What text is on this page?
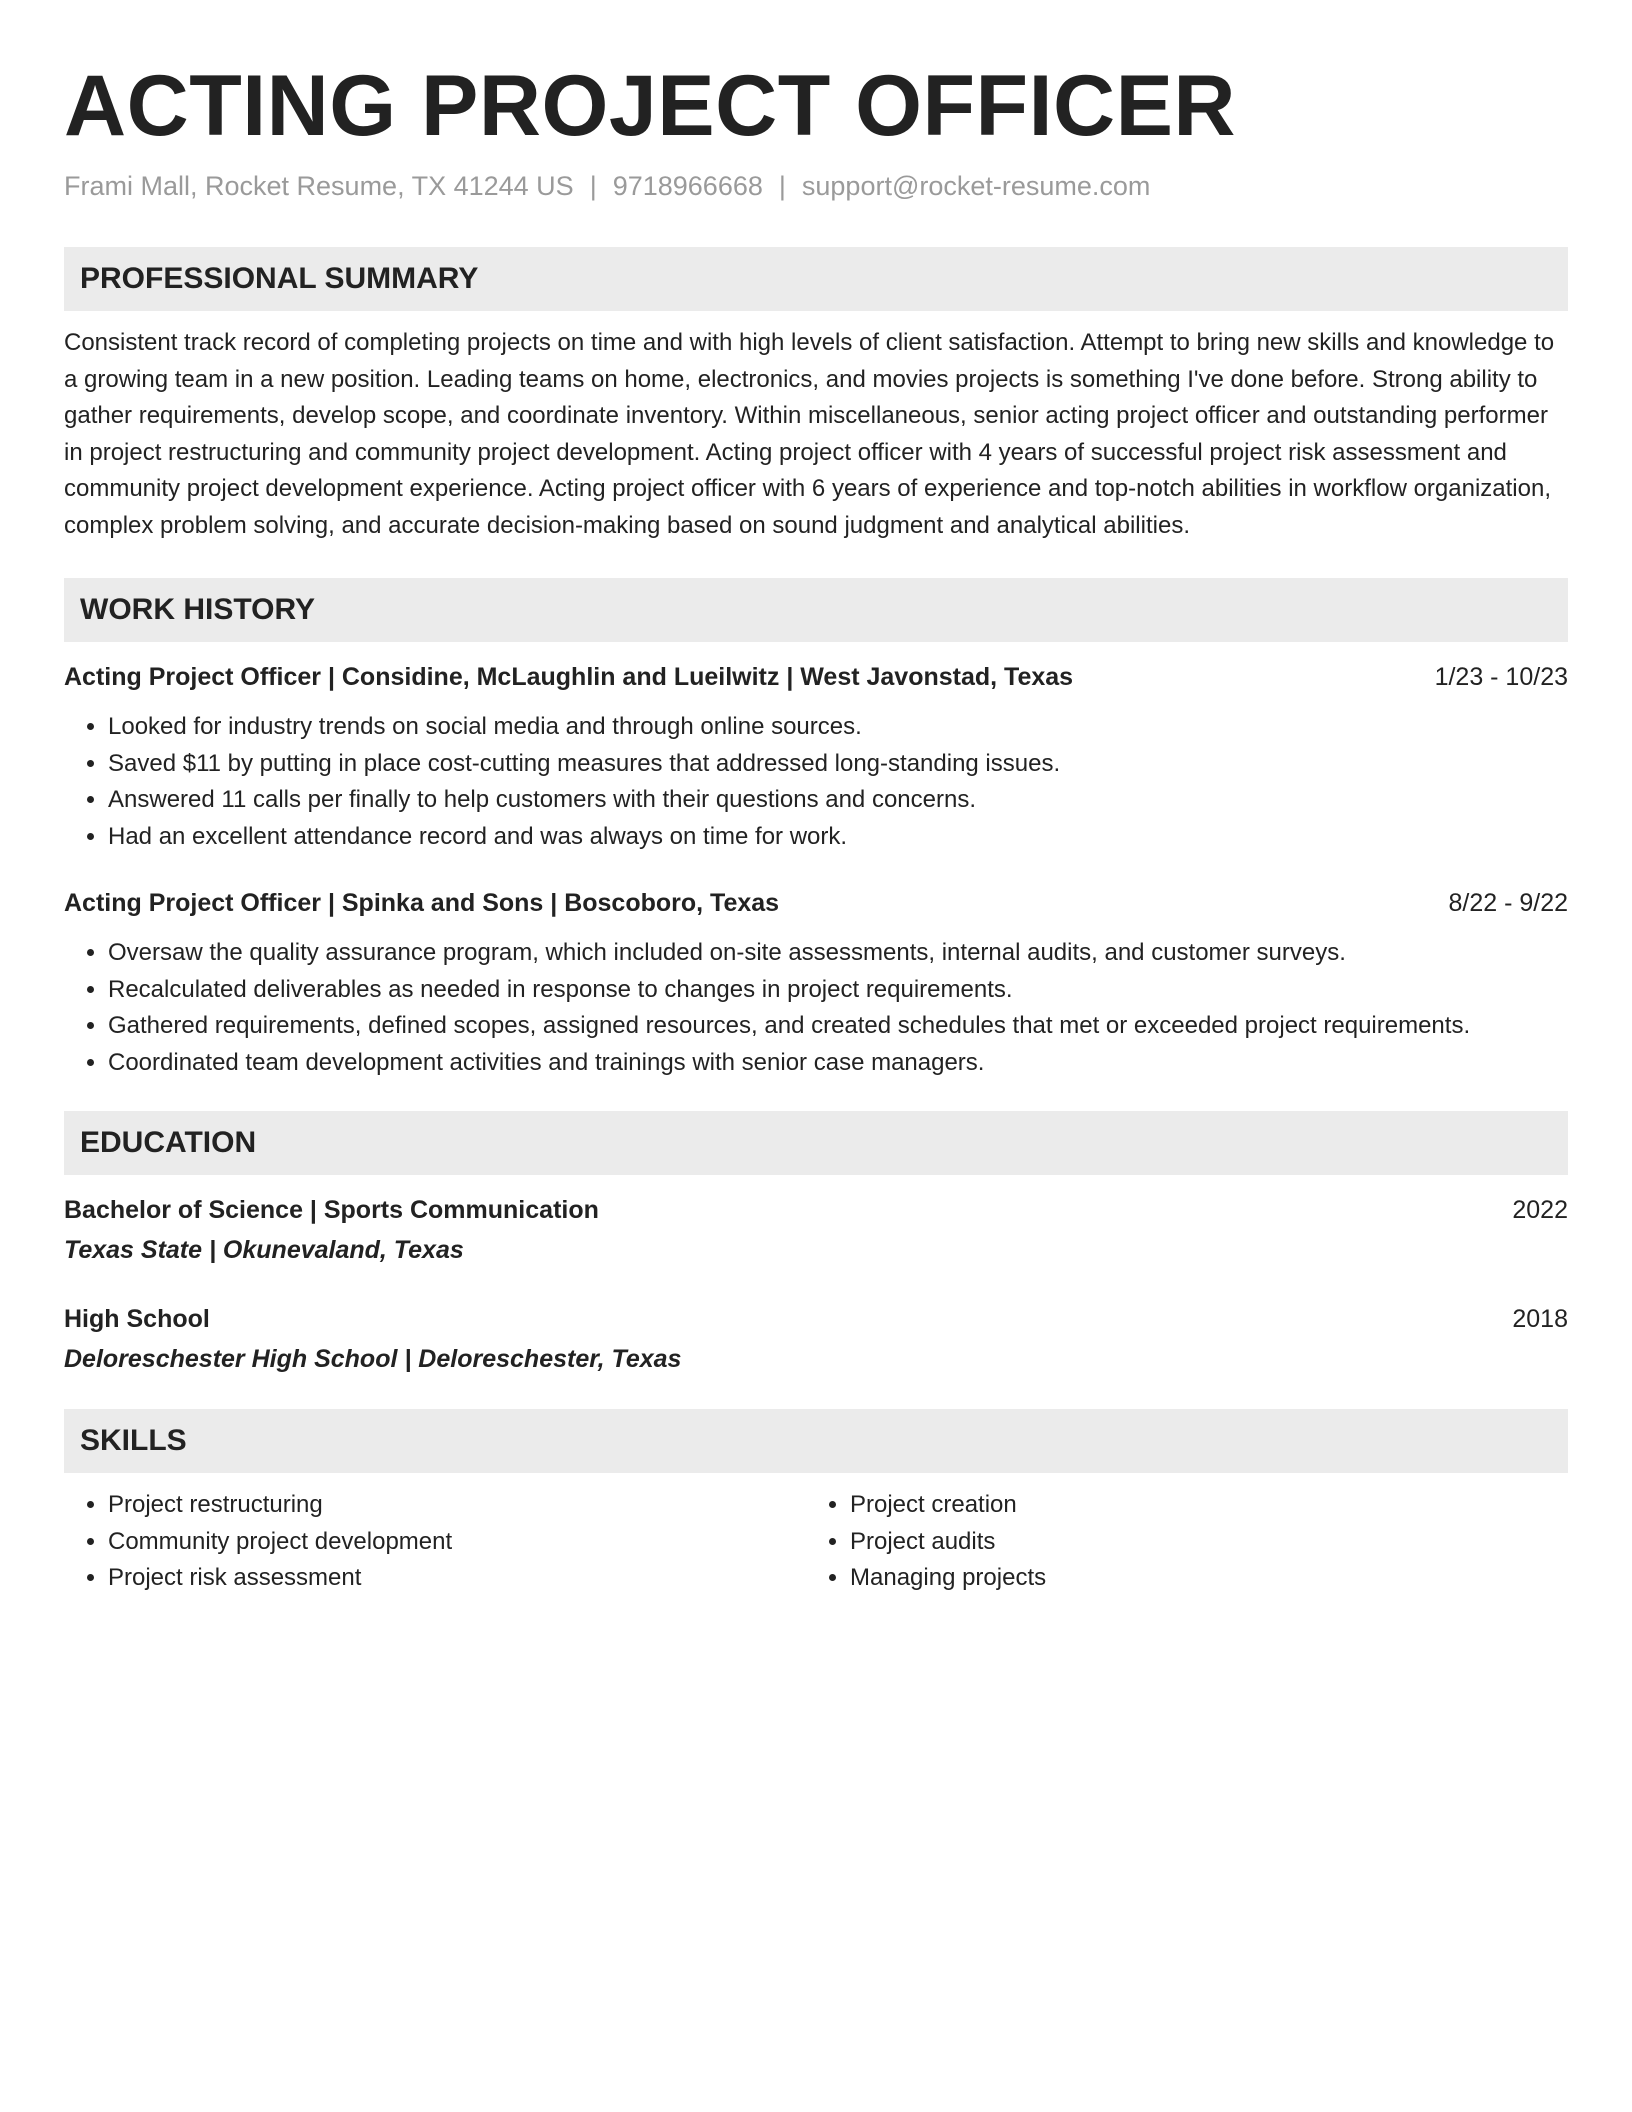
ACTING PROJECT OFFICER
Frami Mall, Rocket Resume, TX 41244 US | 9718966668 | support@rocket-resume.com
PROFESSIONAL SUMMARY

Consistent track record of completing projects on time and with high levels of client satisfaction. Attempt to bring new skills and knowledge to a growing team in a new position. Leading teams on home, electronics, and movies projects is something I've done before. Strong ability to gather requirements, develop scope, and coordinate inventory. Within miscellaneous, senior acting project officer and outstanding performer in project restructuring and community project development. Acting project officer with 4 years of successful project risk assessment and community project development experience. Acting project officer with 6 years of experience and top-notch abilities in workflow organization, complex problem solving, and accurate decision-making based on sound judgment and analytical abilities.

WORK HISTORY
Acting Project Officer | Considine, McLaughlin and Lueilwitz | West Javonstad, Texas	1/23 - 10/23
• Looked for industry trends on social media and through online sources.
• Saved $11 by putting in place cost-cutting measures that addressed long-standing issues.
• Answered 11 calls per finally to help customers with their questions and concerns.
• Had an excellent attendance record and was always on time for work.
Acting Project Officer | Spinka and Sons | Boscoboro, Texas	8/22 - 9/22
• Oversaw the quality assurance program, which included on-site assessments, internal audits, and customer surveys.
• Recalculated deliverables as needed in response to changes in project requirements.
• Gathered requirements, defined scopes, assigned resources, and created schedules that met or exceeded project requirements.
• Coordinated team development activities and trainings with senior case managers.
EDUCATION
Bachelor of Science | Sports Communication	2022
Texas State | Okunevaland, Texas
High School	2018
Deloreschester High School | Deloreschester, Texas
SKILLS
• Project restructuring
• Community project development
• Project risk assessment
• Project creation
• Project audits
• Managing projects
